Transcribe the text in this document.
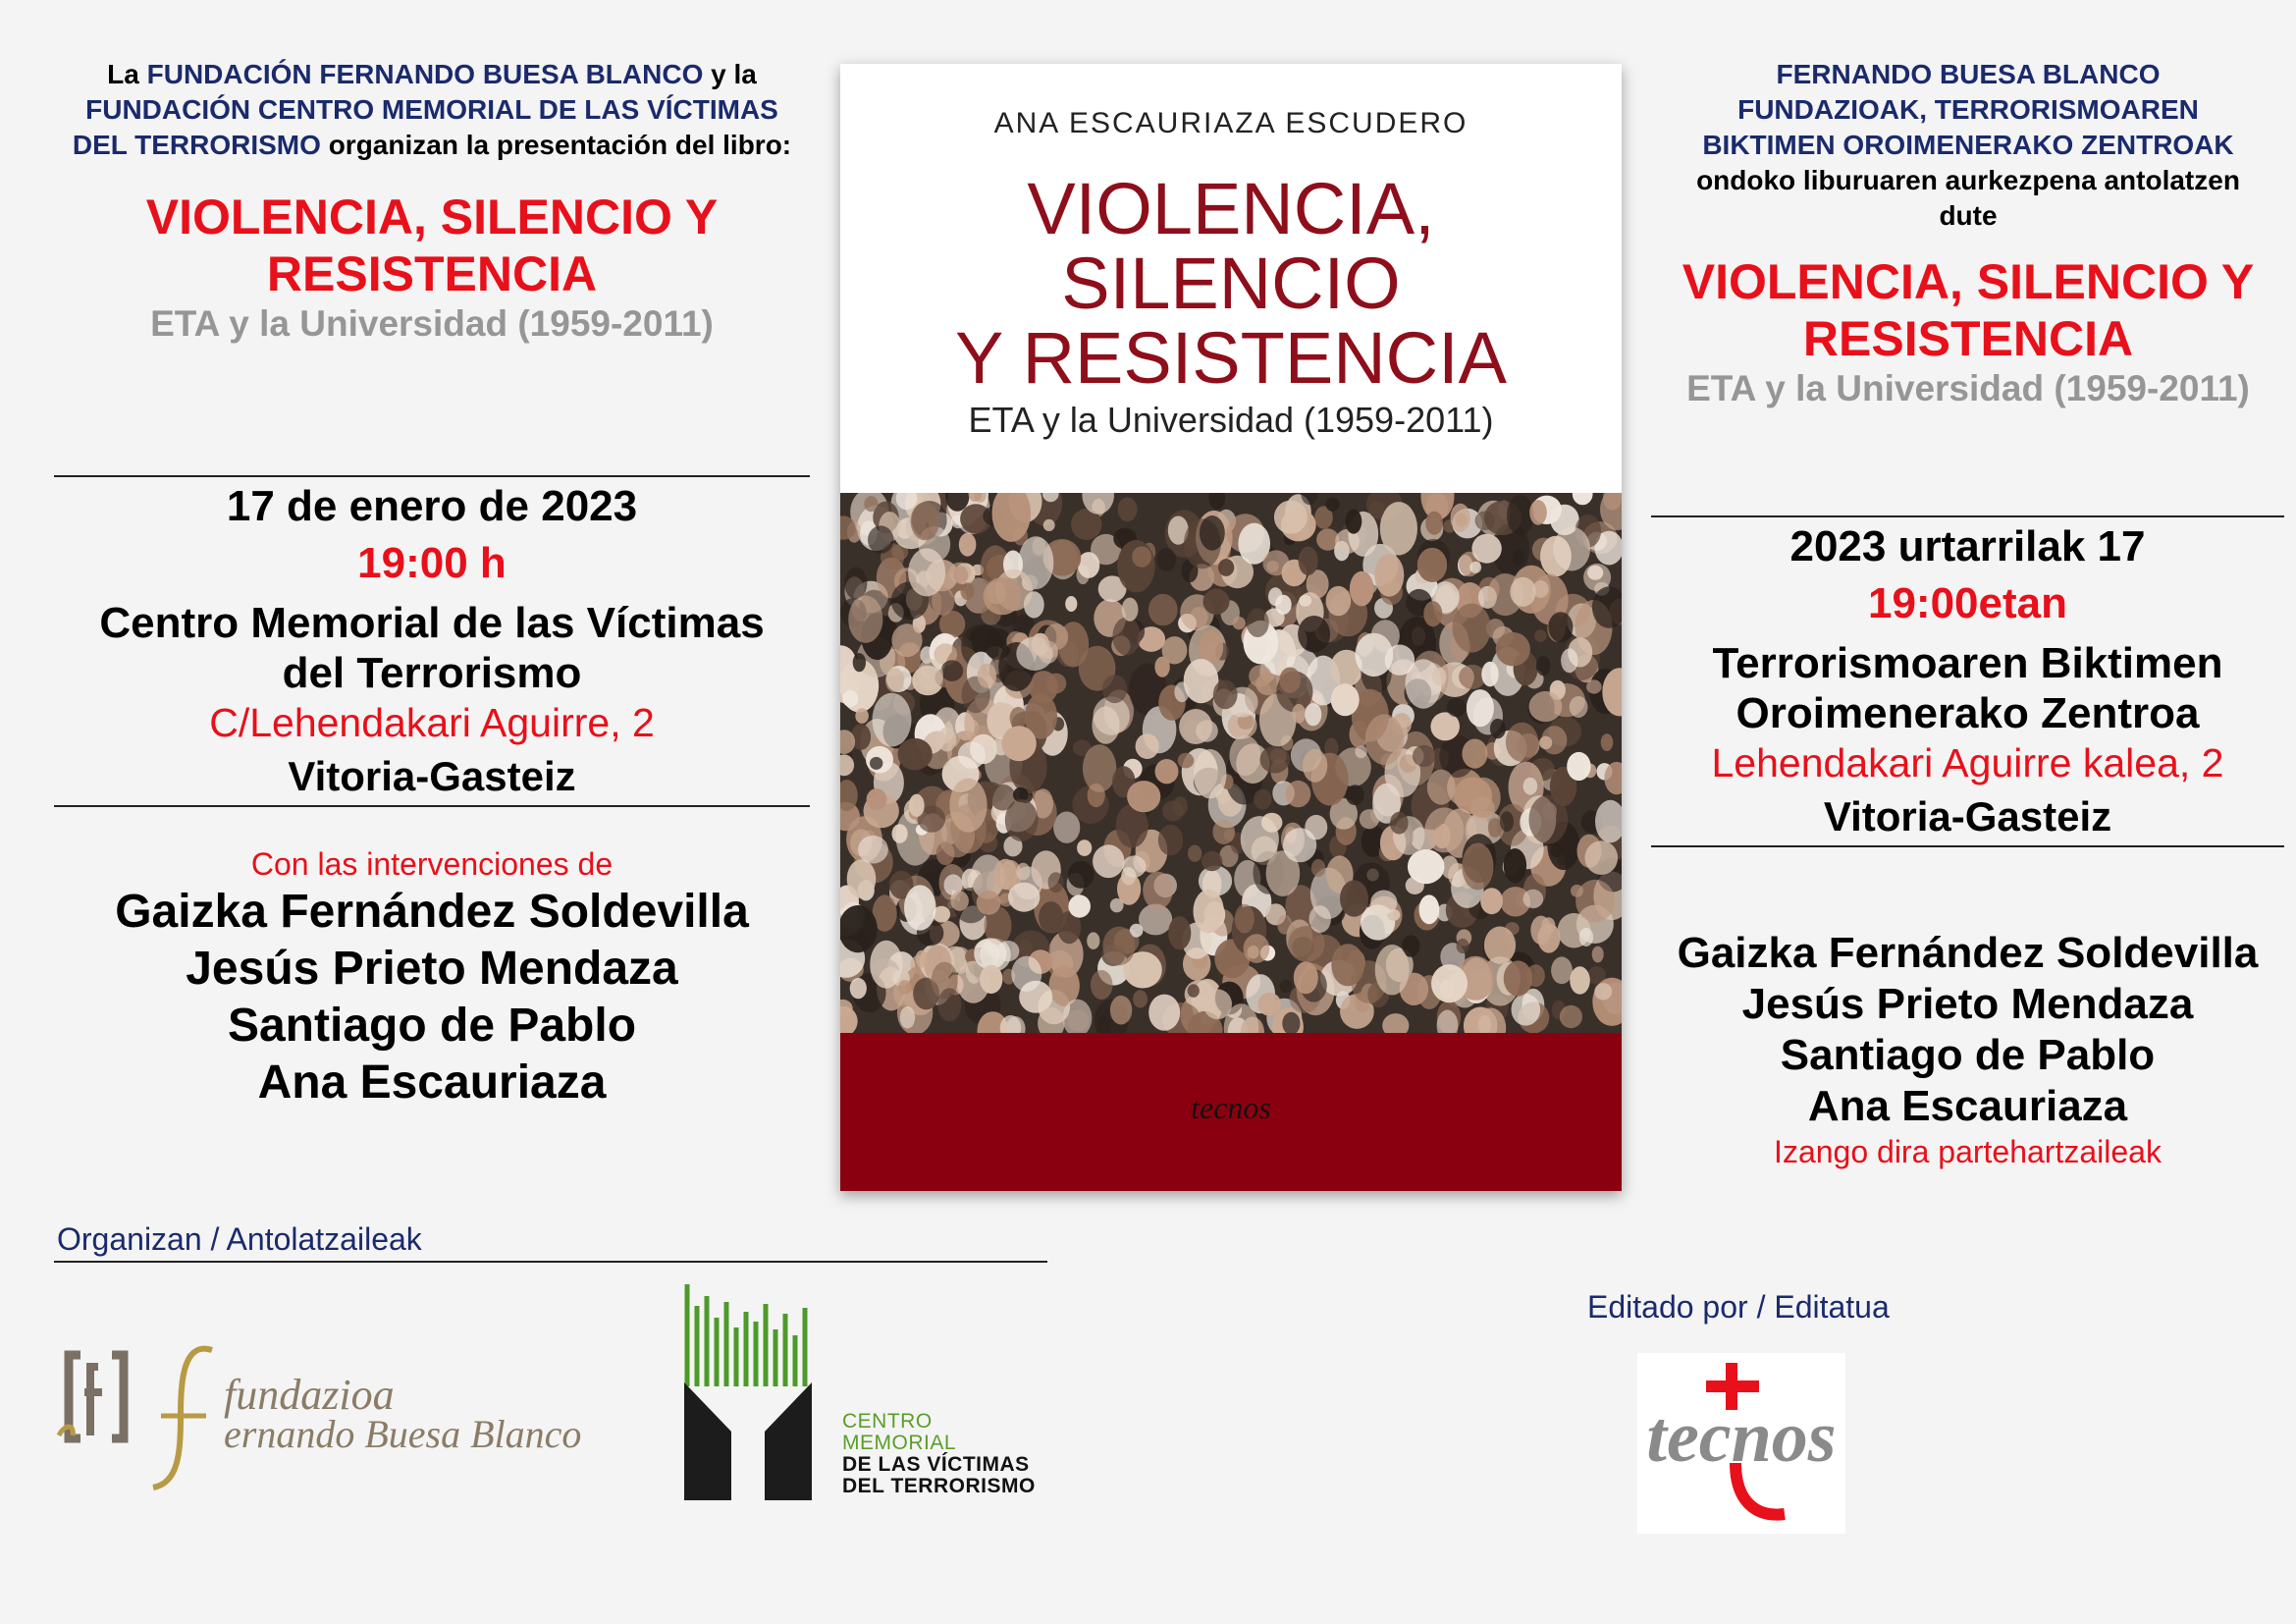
La FUNDACIÓN FERNANDO BUESA BLANCO y la FUNDACIÓN CENTRO MEMORIAL DE LAS VÍCTIMAS DEL TERRORISMO organizan la presentación del libro:
VIOLENCIA, SILENCIO Y
RESISTENCIA
ETA y la Universidad (1959-2011)
17 de enero de 2023
19:00 h
Centro Memorial de las Víctimas
del Terrorismo
C/Lehendakari Aguirre, 2
Vitoria-Gasteiz
Con las intervenciones de
Gaizka Fernández Soldevilla
Jesús Prieto Mendaza
Santiago de Pablo
Ana Escauriaza
ANA ESCAURIAZA ESCUDERO
VIOLENCIA,
SILENCIO
Y RESISTENCIA
ETA y la Universidad (1959-2011)
tecnos
FERNANDO BUESA BLANCO
FUNDAZIOAK, TERRORISMOAREN
BIKTIMEN OROIMENERAKO ZENTROAK
ondoko liburuaren aurkezpena antolatzen
dute
VIOLENCIA, SILENCIO Y
RESISTENCIA
ETA y la Universidad (1959-2011)
2023 urtarrilak 17
19:00etan
Terrorismoaren Biktimen
Oroimenerako Zentroa
Lehendakari Aguirre kalea, 2
Vitoria-Gasteiz
Gaizka Fernández Soldevilla
Jesús Prieto Mendaza
Santiago de Pablo
Ana Escauriaza
Izango dira partehartzaileak
Organizan / Antolatzaileak
fundazioa
ernando Buesa Blanco	CENTRO
MEMORIAL
DE LAS VÍCTIMAS
DEL TERRORISMO
Editado por / Editatua
tecnos
